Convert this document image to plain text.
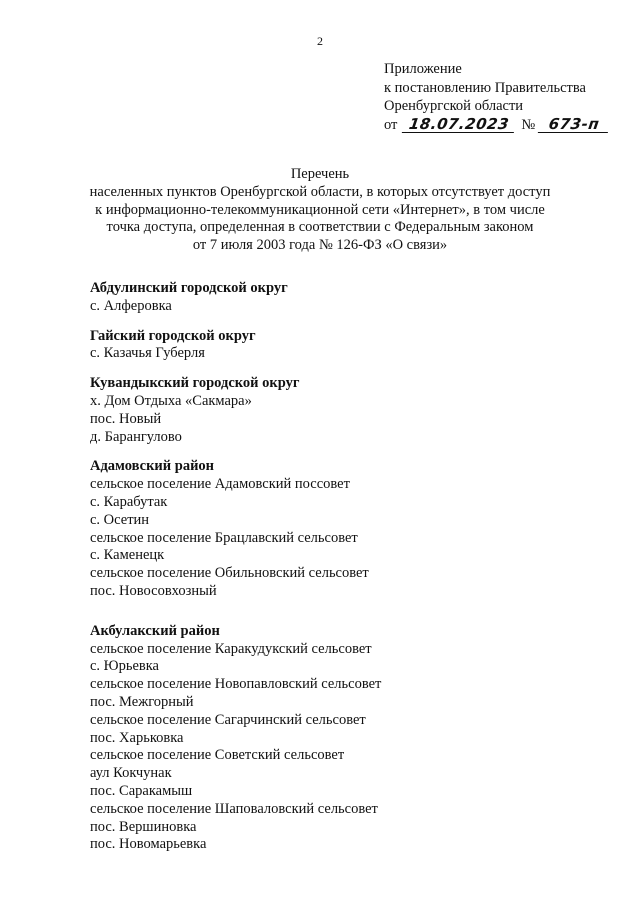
2
Приложение
к постановлению Правительства
Оренбургской области
от 18.07.2023 № 673-п
Перечень
населенных пунктов Оренбургской области, в которых отсутствует доступ
к информационно-телекоммуникационной сети «Интернет», в том числе
точка доступа, определенная в соответствии с Федеральным законом
от 7 июля 2003 года № 126-ФЗ «О связи»
Абдулинский городской округ
с. Алферовка
Гайский городской округ
с. Казачья Губерля
Кувандыкский городской округ
х. Дом Отдыха «Сакмара»
пос. Новый
д. Барангулово
Адамовский район
сельское поселение Адамовский поссовет
с. Карабутак
с. Осетин
сельское поселение Брацлавский сельсовет
с. Каменецк
сельское поселение Обильновский сельсовет
пос. Новосовхозный
Акбулакский район
сельское поселение Каракудукский сельсовет
с. Юрьевка
сельское поселение Новопавловский сельсовет
пос. Межгорный
сельское поселение Сагарчинский сельсовет
пос. Харьковка
сельское поселение Советский сельсовет
аул Кокчунак
пос. Саракамыш
сельское поселение Шаповаловский сельсовет
пос. Вершиновка
пос. Новомарьевка
